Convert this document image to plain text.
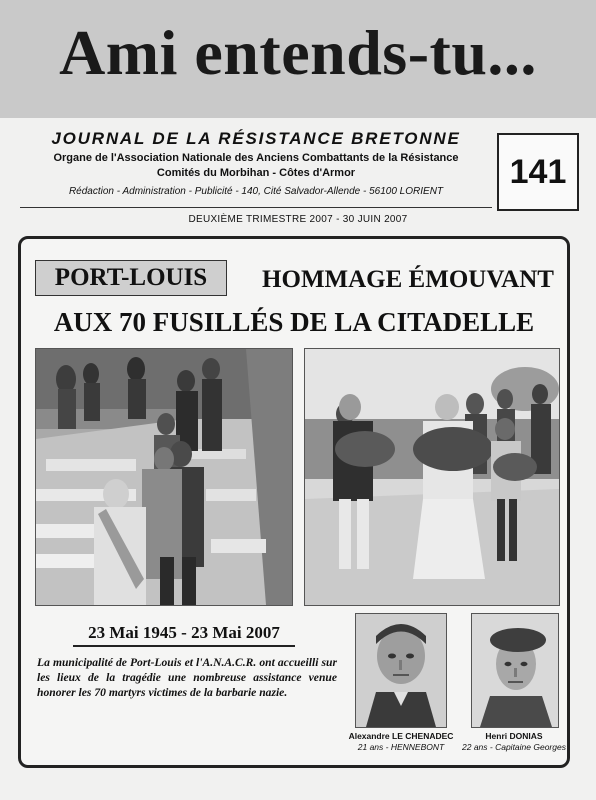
Ami entends-tu...
JOURNAL DE LA RÉSISTANCE BRETONNE
Organe de l'Association Nationale des Anciens Combattants de la Résistance
Comités du Morbihan - Côtes d'Armor
Rédaction - Administration - Publicité - 140, Cité Salvador-Allende - 56100 LORIENT
141
DEUXIÈME TRIMESTRE 2007 - 30 JUIN 2007
PORT-LOUIS	HOMMAGE ÉMOUVANT
AUX 70 FUSILLÉS DE LA CITADELLE
23 Mai 1945 - 23 Mai 2007
La municipalité de Port-Louis et l'A.N.A.C.R. ont accueilli sur les lieux de la tragédie une nombreuse assistance venue honorer les 70 martyrs victimes de la barbarie nazie.
Alexandre LE CHENADEC
21 ans - HENNEBONT
Henri DONIAS
22 ans - Capitaine Georges
